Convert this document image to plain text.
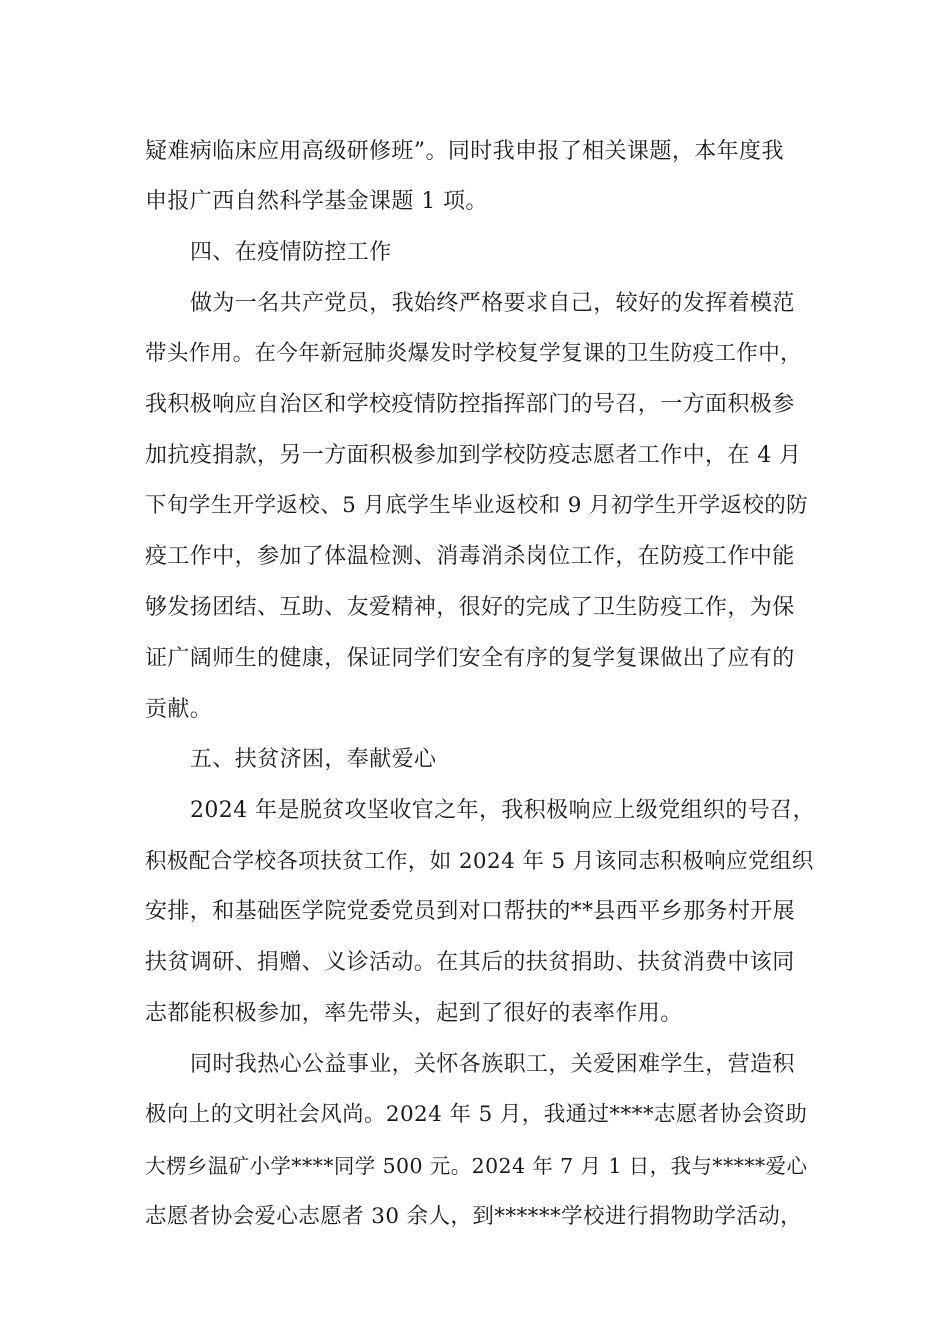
疑难病临床应用高级研修班”。同时我申报了相关课题，本年度我
申报广西自然科学基金课题 1 项。
四、在疫情防控工作
做为一名共产党员，我始终严格要求自己，较好的发挥着模范
带头作用。在今年新冠肺炎爆发时学校复学复课的卫生防疫工作中，
我积极响应自治区和学校疫情防控指挥部门的号召，一方面积极参
加抗疫捐款，另一方面积极参加到学校防疫志愿者工作中，在 4 月
下旬学生开学返校、5 月底学生毕业返校和 9 月初学生开学返校的防
疫工作中，参加了体温检测、消毒消杀岗位工作，在防疫工作中能
够发扬团结、互助、友爱精神，很好的完成了卫生防疫工作，为保
证广阔师生的健康，保证同学们安全有序的复学复课做出了应有的
贡献。
五、扶贫济困，奉献爱心
2024 年是脱贫攻坚收官之年，我积极响应上级党组织的号召，
积极配合学校各项扶贫工作，如 2024 年 5 月该同志积极响应党组织
安排，和基础医学院党委党员到对口帮扶的**县西平乡那务村开展
扶贫调研、捐赠、义诊活动。在其后的扶贫捐助、扶贫消费中该同
志都能积极参加，率先带头，起到了很好的表率作用。
同时我热心公益事业，关怀各族职工，关爱困难学生，营造积
极向上的文明社会风尚。2024 年 5 月，我通过****志愿者协会资助
大楞乡温矿小学****同学 500 元。2024 年 7 月 1 日，我与*****爱心
志愿者协会爱心志愿者 30 余人，到******学校进行捐物助学活动，
